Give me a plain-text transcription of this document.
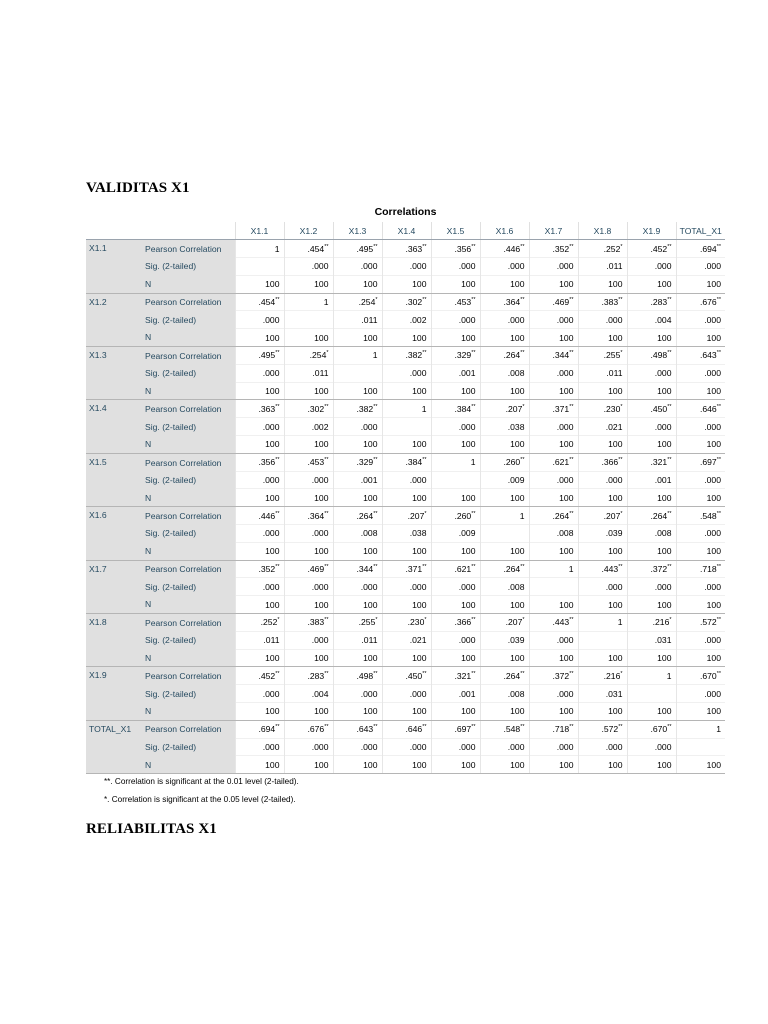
VALIDITAS X1

Correlations

		X1.1	X1.2	X1.3	X1.4	X1.5	X1.6	X1.7	X1.8	X1.9	TOTAL_X1
X1.1	Pearson Correlation	1	.454**	.495**	.363**	.356**	.446**	.352**	.252*	.452**	.694**
	Sig. (2-tailed)		.000	.000	.000	.000	.000	.000	.011	.000	.000
	N	100	100	100	100	100	100	100	100	100	100
X1.2	Pearson Correlation	.454**	1	.254*	.302**	.453**	.364**	.469**	.383**	.283**	.676**
	Sig. (2-tailed)	.000		.011	.002	.000	.000	.000	.000	.004	.000
	N	100	100	100	100	100	100	100	100	100	100
X1.3	Pearson Correlation	.495**	.254*	1	.382**	.329**	.264**	.344**	.255*	.498**	.643**
	Sig. (2-tailed)	.000	.011		.000	.001	.008	.000	.011	.000	.000
	N	100	100	100	100	100	100	100	100	100	100
X1.4	Pearson Correlation	.363**	.302**	.382**	1	.384**	.207*	.371**	.230*	.450**	.646**
	Sig. (2-tailed)	.000	.002	.000		.000	.038	.000	.021	.000	.000
	N	100	100	100	100	100	100	100	100	100	100
X1.5	Pearson Correlation	.356**	.453**	.329**	.384**	1	.260**	.621**	.366**	.321**	.697**
	Sig. (2-tailed)	.000	.000	.001	.000		.009	.000	.000	.001	.000
	N	100	100	100	100	100	100	100	100	100	100
X1.6	Pearson Correlation	.446**	.364**	.264**	.207*	.260**	1	.264**	.207*	.264**	.548**
	Sig. (2-tailed)	.000	.000	.008	.038	.009		.008	.039	.008	.000
	N	100	100	100	100	100	100	100	100	100	100
X1.7	Pearson Correlation	.352**	.469**	.344**	.371**	.621**	.264**	1	.443**	.372**	.718**
	Sig. (2-tailed)	.000	.000	.000	.000	.000	.008		.000	.000	.000
	N	100	100	100	100	100	100	100	100	100	100
X1.8	Pearson Correlation	.252*	.383**	.255*	.230*	.366**	.207*	.443**	1	.216*	.572**
	Sig. (2-tailed)	.011	.000	.011	.021	.000	.039	.000		.031	.000
	N	100	100	100	100	100	100	100	100	100	100
X1.9	Pearson Correlation	.452**	.283**	.498**	.450**	.321**	.264**	.372**	.216*	1	.670**
	Sig. (2-tailed)	.000	.004	.000	.000	.001	.008	.000	.031		.000
	N	100	100	100	100	100	100	100	100	100	100
TOTAL_X1	Pearson Correlation	.694**	.676**	.643**	.646**	.697**	.548**	.718**	.572**	.670**	1
	Sig. (2-tailed)	.000	.000	.000	.000	.000	.000	.000	.000	.000	
	N	100	100	100	100	100	100	100	100	100	100

**. Correlation is significant at the 0.01 level (2-tailed).

*. Correlation is significant at the 0.05 level (2-tailed).

RELIABILITAS X1
